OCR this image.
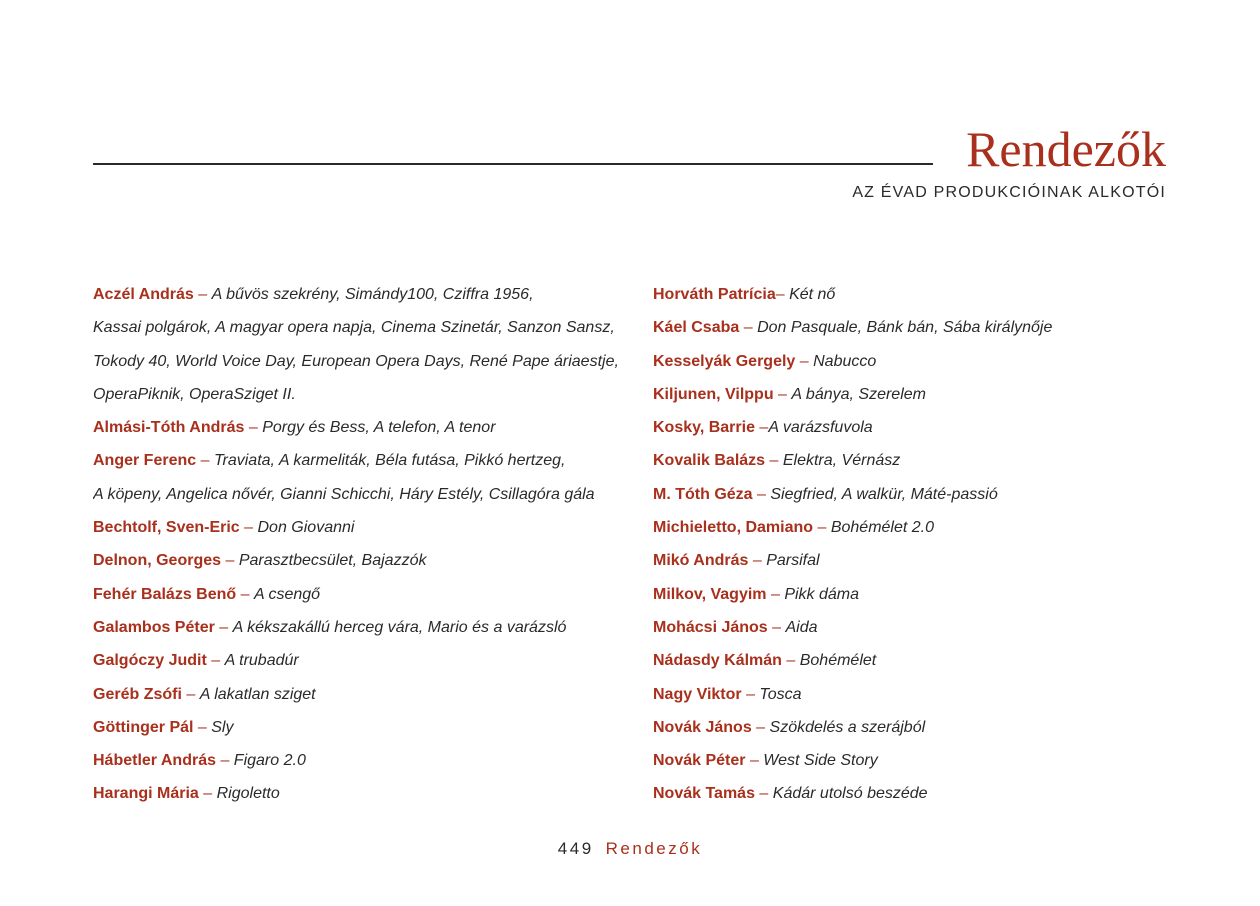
Rendezők
AZ ÉVAD PRODUKCIÓINAK ALKOTÓI
Aczél András – A bűvös szekrény, Simándy100, Cziffra 1956,
Kassai polgárok, A magyar opera napja, Cinema Szinetár, Sanzon Sansz,
Tokody 40, World Voice Day, European Opera Days, René Pape áriaestje,
OperaPiknik, OperaSziget II.
Almási-Tóth András – Porgy és Bess, A telefon, A tenor
Anger Ferenc – Traviata, A karmeliták, Béla futása, Pikkó hertzeg,
A köpeny, Angelica nővér, Gianni Schicchi, Háry Estély, Csillagóra gála
Bechtolf, Sven-Eric – Don Giovanni
Delnon, Georges – Parasztbecsület, Bajazzók
Fehér Balázs Benő – A csengő
Galambos Péter – A kékszakállú herceg vára, Mario és a varázsló
Galgóczy Judit – A trubadúr
Geréb Zsófi – A lakatlan sziget
Göttinger Pál – Sly
Hábetler András – Figaro 2.0
Harangi Mária – Rigoletto
Horváth Patrícia– Két nő
Káel Csaba – Don Pasquale, Bánk bán, Sába királynője
Kesselyák Gergely – Nabucco
Kiljunen, Vilppu – A bánya, Szerelem
Kosky, Barrie –A varázsfuvola
Kovalik Balázs – Elektra, Vérnász
M. Tóth Géza – Siegfried, A walkür, Máté-passió
Michieletto, Damiano – Bohémélet 2.0
Mikó András – Parsifal
Milkov, Vagyim – Pikk dáma
Mohácsi János – Aida
Nádasdy Kálmán – Bohémélet
Nagy Viktor – Tosca
Novák János – Szökdelés a szerájból
Novák Péter – West Side Story
Novák Tamás – Kádár utolsó beszéde
449 Rendezők
